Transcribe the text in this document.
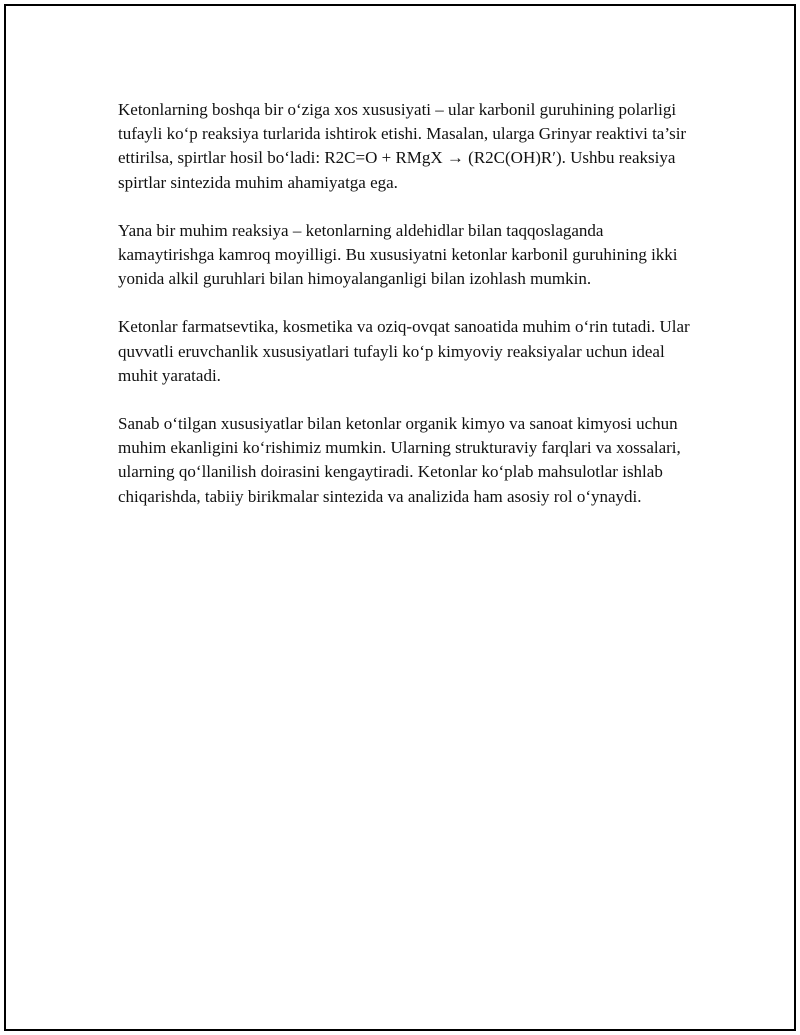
Ketonlarning boshqa bir o‘ziga xos xususiyati – ular karbonil guruhining polarligi tufayli ko‘p reaksiya turlarida ishtirok etishi. Masalan, ularga Grinyar reaktivi ta’sir ettirilsa, spirtlar hosil bo‘ladi: R2C=O + RMgX → (R2C(OH)R′). Ushbu reaksiya spirtlar sintezida muhim ahamiyatga ega.

Yana bir muhim reaksiya – ketonlarning aldehidlar bilan taqqoslaganda kamaytirishga kamroq moyilligi. Bu xususiyatni ketonlar karbonil guruhining ikki yonida alkil guruhlari bilan himoyalanganligi bilan izohlash mumkin.

Ketonlar farmatsevtika, kosmetika va oziq-ovqat sanoatida muhim o‘rin tutadi. Ular quvvatli eruvchanlik xususiyatlari tufayli ko‘p kimyoviy reaksiyalar uchun ideal muhit yaratadi.

Sanab o‘tilgan xususiyatlar bilan ketonlar organik kimyo va sanoat kimyosi uchun muhim ekanligini ko‘rishimiz mumkin. Ularning strukturaviy farqlari va xossalari, ularning qo‘llanilish doirasini kengaytiradi. Ketonlar ko‘plab mahsulotlar ishlab chiqarishda, tabiiy birikmalar sintezida va analizida ham asosiy rol o‘ynaydi.
